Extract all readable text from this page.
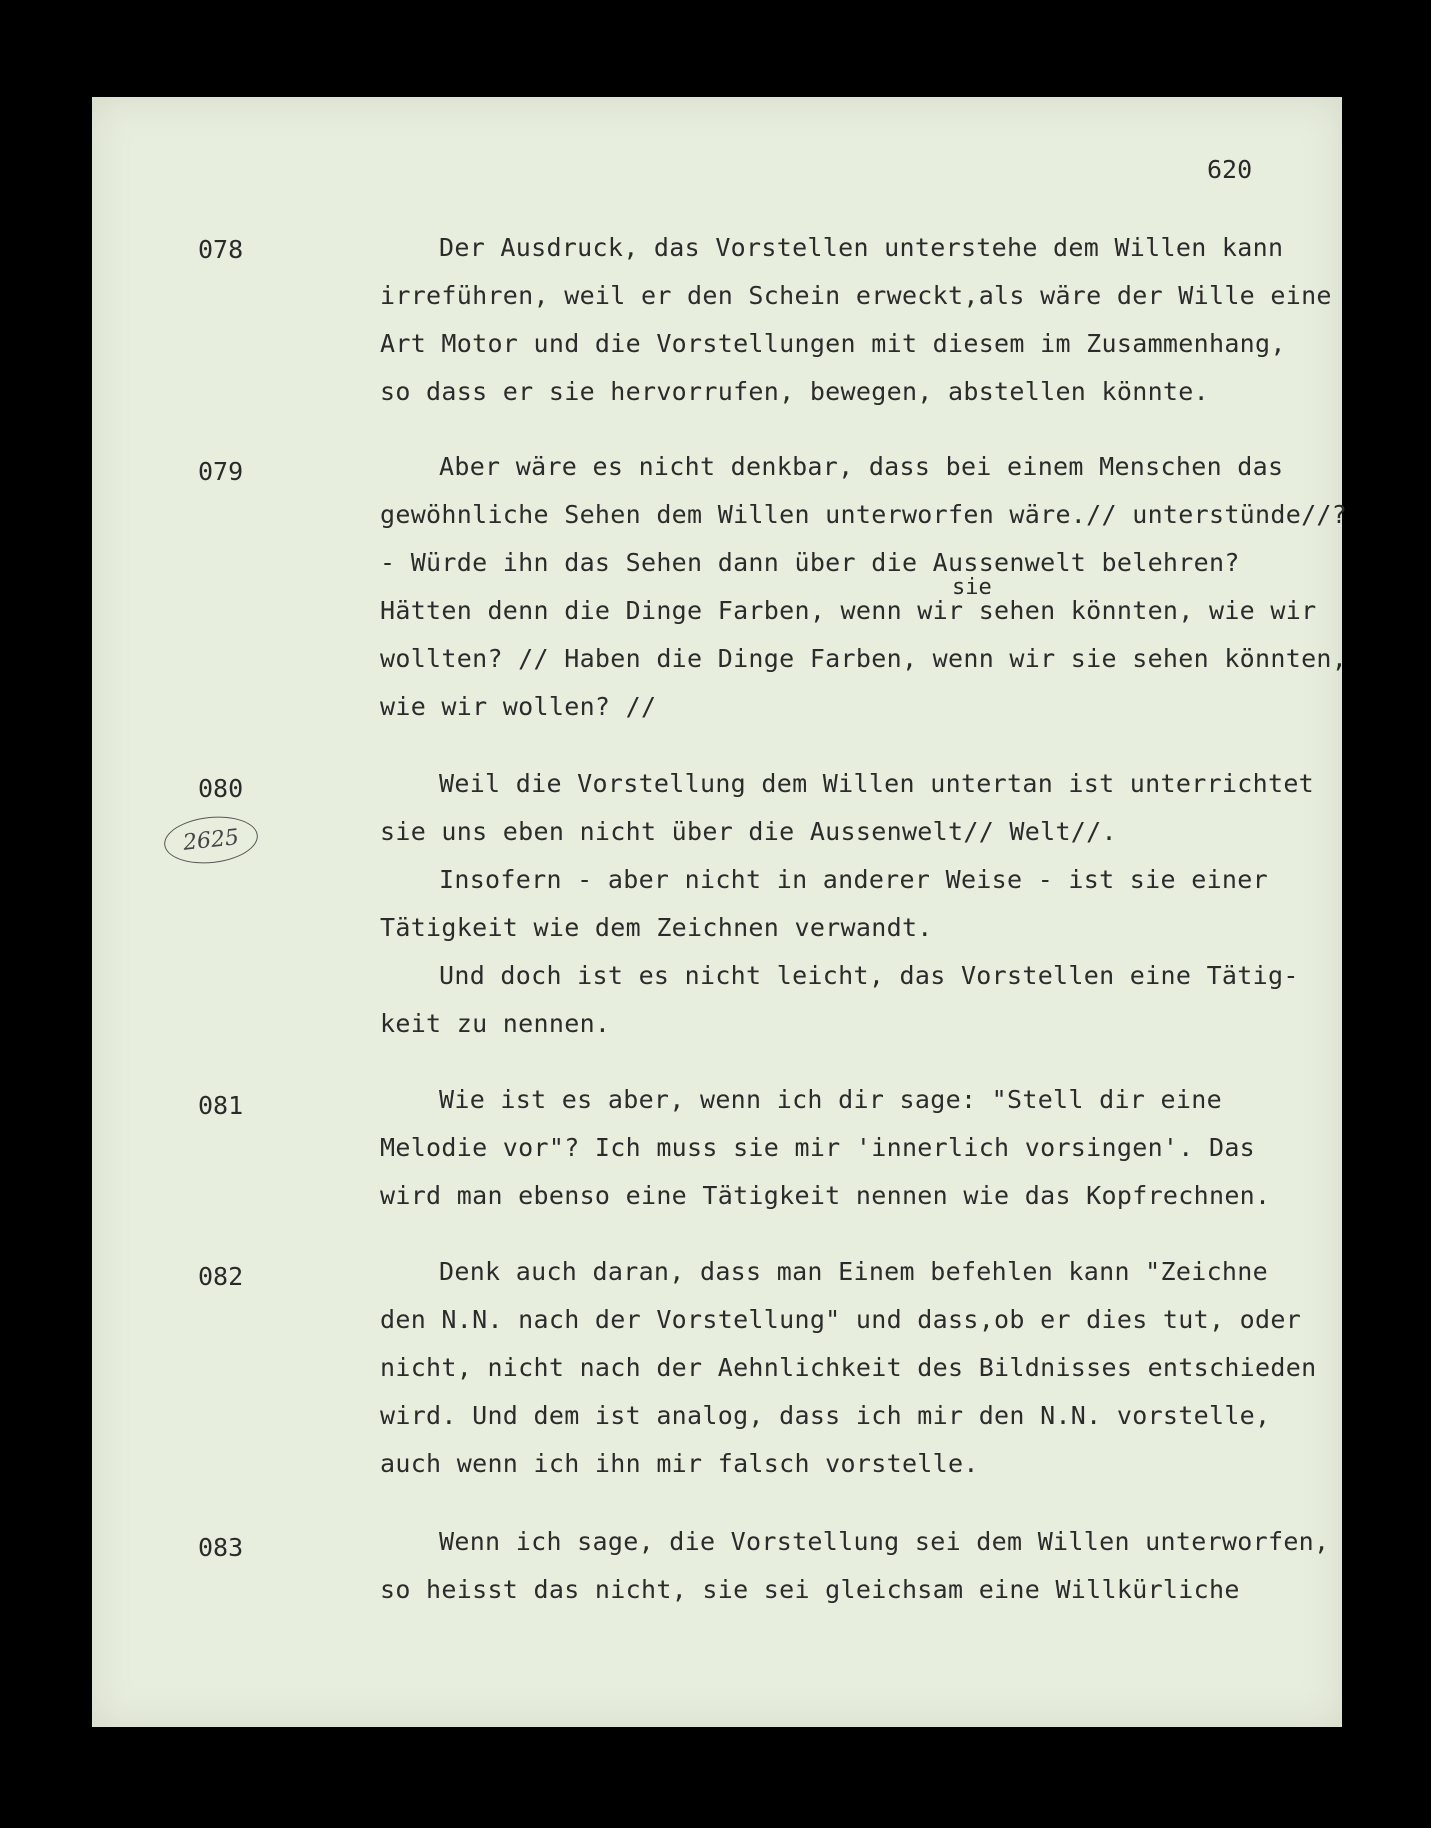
620
2625
078	Der Ausdruck, das Vorstellen unterstehe dem Willen kann
irreführen, weil er den Schein erweckt,als wäre der Wille eine
Art Motor und die Vorstellungen mit diesem im Zusammenhang,
so dass er sie hervorrufen, bewegen, abstellen könnte.
079	Aber wäre es nicht denkbar, dass bei einem Menschen das
gewöhnliche Sehen dem Willen unterworfen wäre.// unterstünde//?
- Würde ihn das Sehen dann über die Aussenwelt belehren?
sie
Hätten denn die Dinge Farben, wenn wir sehen könnten, wie wir
wollten? // Haben die Dinge Farben, wenn wir sie sehen könnten,
wie wir wollen? //
080	Weil die Vorstellung dem Willen untertan ist unterrichtet
sie uns eben nicht über die Aussenwelt// Welt//.
Insofern - aber nicht in anderer Weise - ist sie einer
Tätigkeit wie dem Zeichnen verwandt.
Und doch ist es nicht leicht, das Vorstellen eine Tätig-
keit zu nennen.
081	Wie ist es aber, wenn ich dir sage: "Stell dir eine
Melodie vor"? Ich muss sie mir 'innerlich vorsingen'. Das
wird man ebenso eine Tätigkeit nennen wie das Kopfrechnen.
082	Denk auch daran, dass man Einem befehlen kann "Zeichne
den N.N. nach der Vorstellung" und dass,ob er dies tut, oder
nicht, nicht nach der Aehnlichkeit des Bildnisses entschieden
wird. Und dem ist analog, dass ich mir den N.N. vorstelle,
auch wenn ich ihn mir falsch vorstelle.
083	Wenn ich sage, die Vorstellung sei dem Willen unterworfen,
so heisst das nicht, sie sei gleichsam eine Willkürliche
